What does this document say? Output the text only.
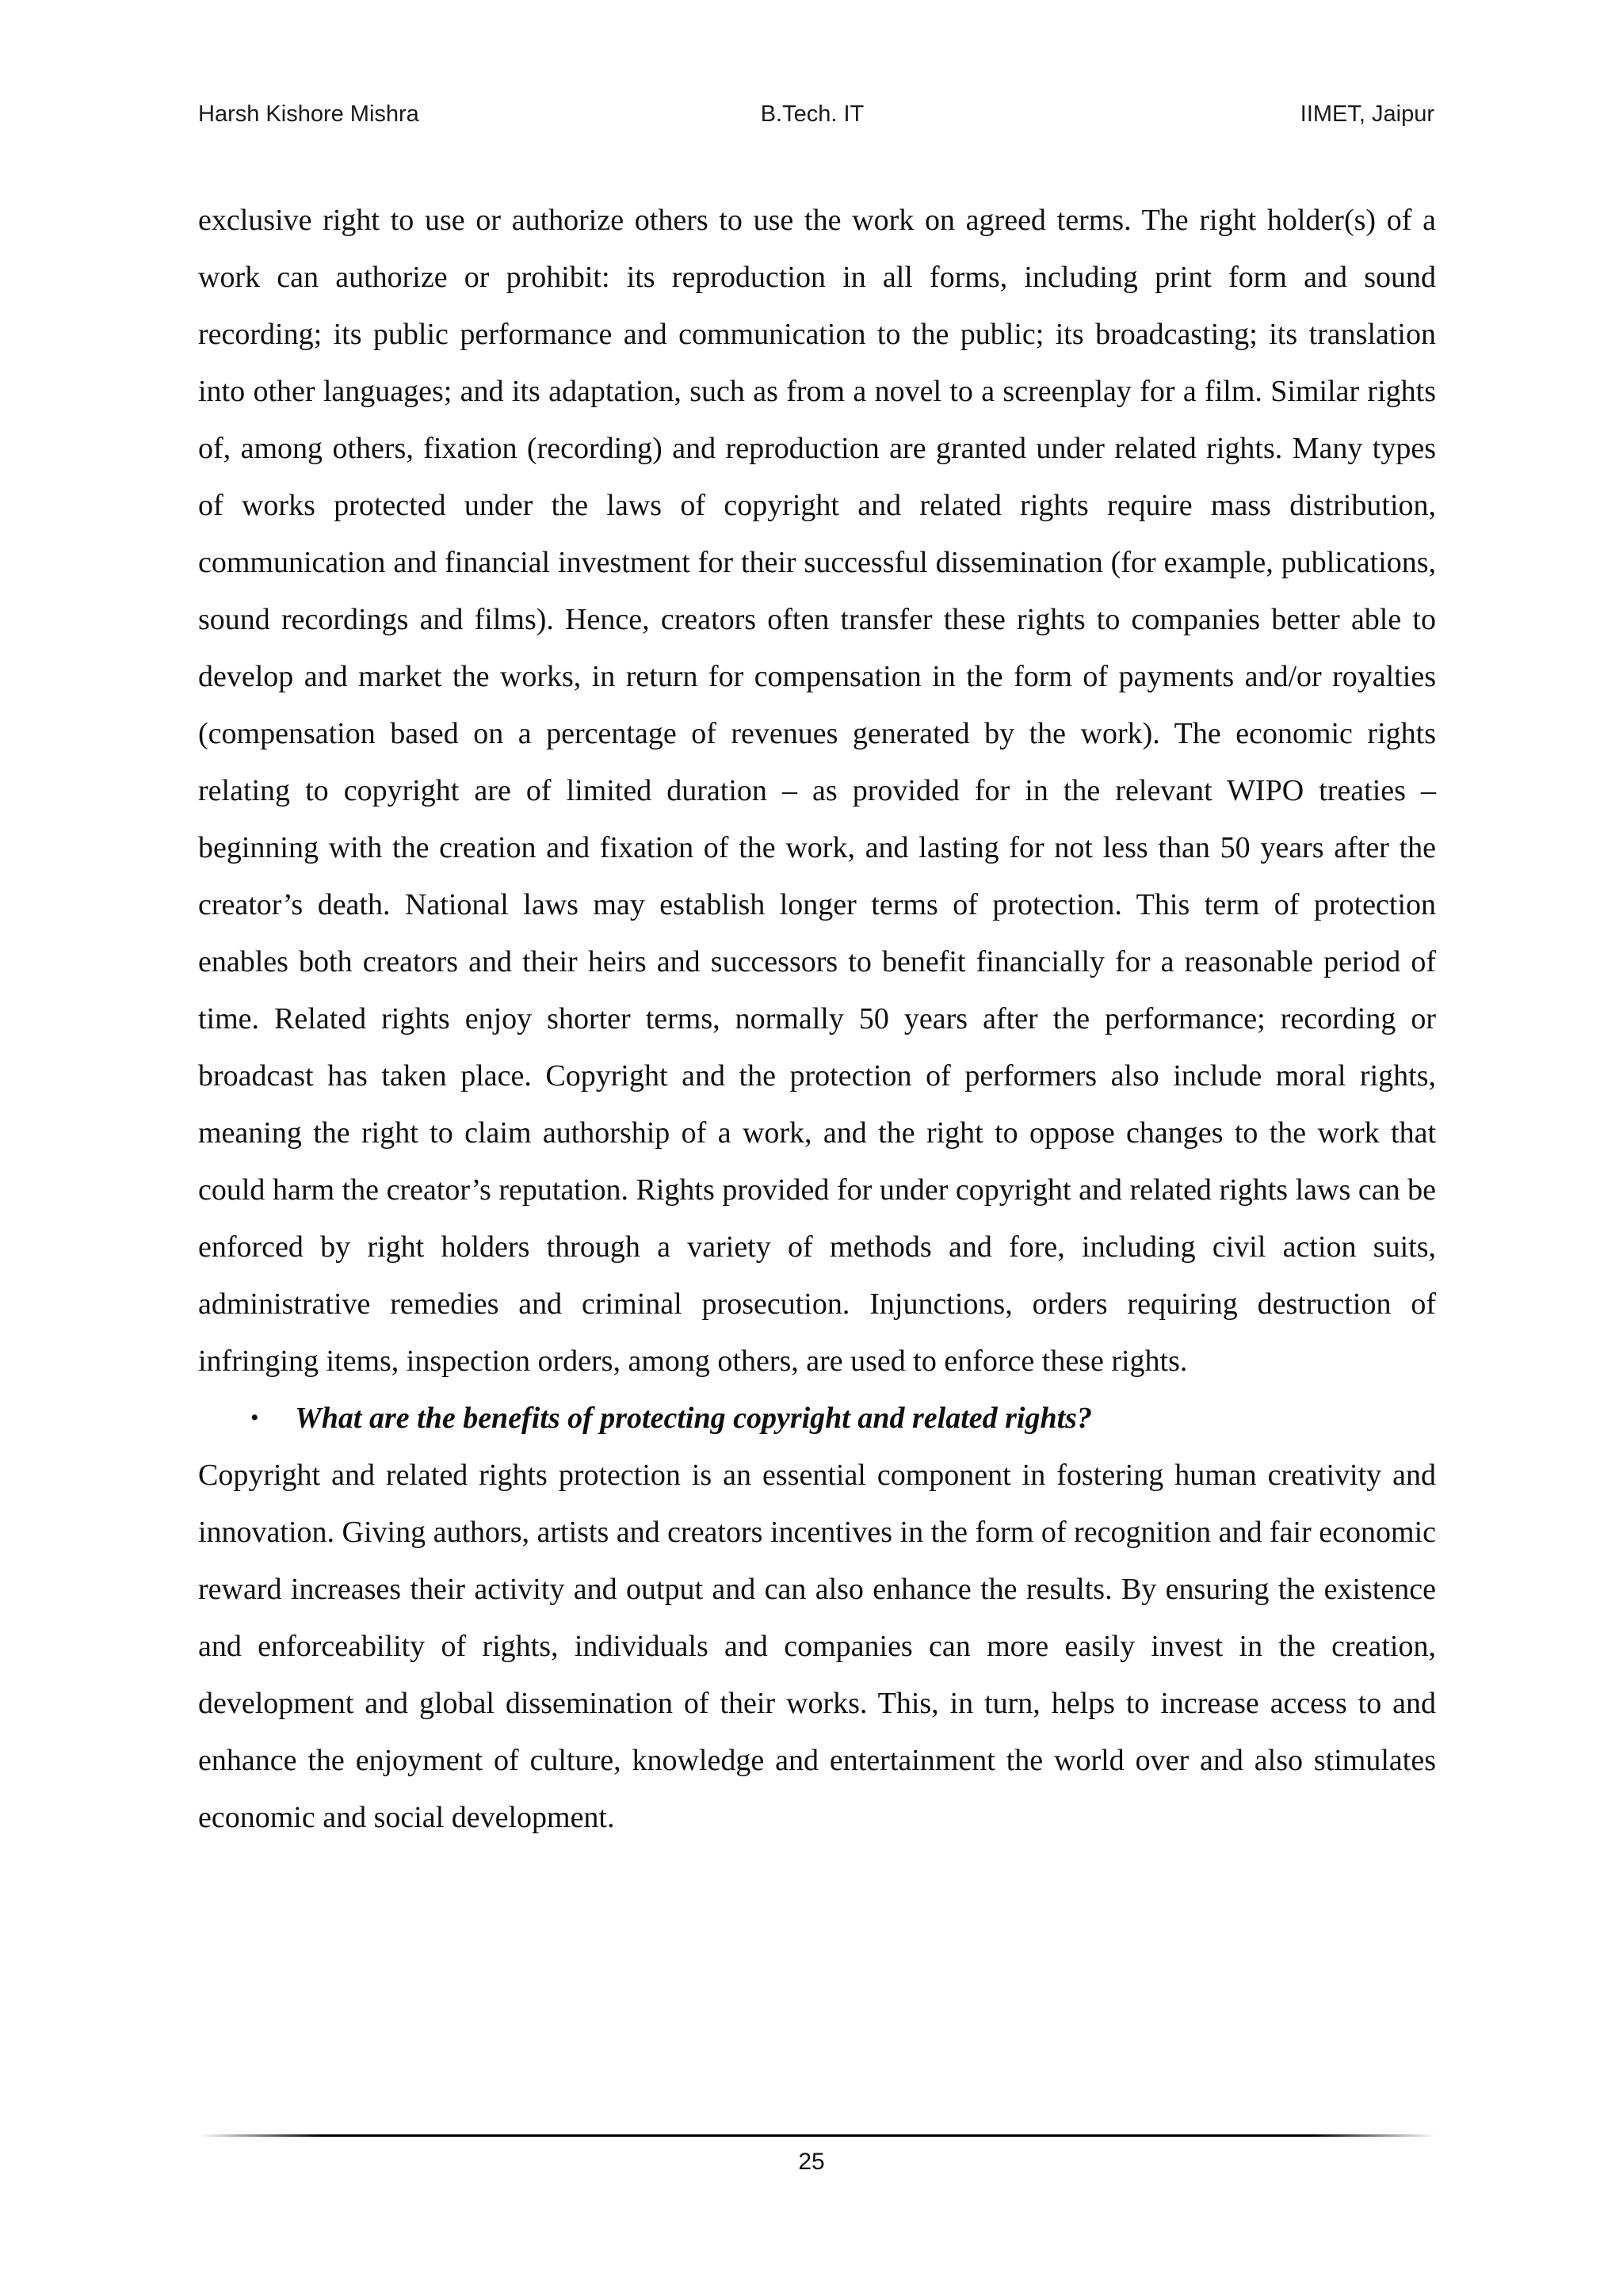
Harsh Kishore Mishra	B.Tech. IT	IIMET, Jaipur

exclusive right to use or authorize others to use the work on agreed terms. The right holder(s) of a work can authorize or prohibit: its reproduction in all forms, including print form and sound recording; its public performance and communication to the public; its broadcasting; its translation into other languages; and its adaptation, such as from a novel to a screenplay for a film. Similar rights of, among others, fixation (recording) and reproduction are granted under related rights. Many types of works protected under the laws of copyright and related rights require mass distribution, communication and financial investment for their successful dissemination (for example, publications, sound recordings and films). Hence, creators often transfer these rights to companies better able to develop and market the works, in return for compensation in the form of payments and/or royalties (compensation based on a percentage of revenues generated by the work). The economic rights relating to copyright are of limited duration – as provided for in the relevant WIPO treaties – beginning with the creation and fixation of the work, and lasting for not less than 50 years after the creator’s death. National laws may establish longer terms of protection. This term of protection enables both creators and their heirs and successors to benefit financially for a reasonable period of time. Related rights enjoy shorter terms, normally 50 years after the performance; recording or broadcast has taken place. Copyright and the protection of performers also include moral rights, meaning the right to claim authorship of a work, and the right to oppose changes to the work that could harm the creator’s reputation. Rights provided for under copyright and related rights laws can be enforced by right holders through a variety of methods and fore, including civil action suits, administrative remedies and criminal prosecution. Injunctions, orders requiring destruction of infringing items, inspection orders, among others, are used to enforce these rights.

• What are the benefits of protecting copyright and related rights?

Copyright and related rights protection is an essential component in fostering human creativity and innovation. Giving authors, artists and creators incentives in the form of recognition and fair economic reward increases their activity and output and can also enhance the results. By ensuring the existence and enforceability of rights, individuals and companies can more easily invest in the creation, development and global dissemination of their works. This, in turn, helps to increase access to and enhance the enjoyment of culture, knowledge and entertainment the world over and also stimulates economic and social development.

25
